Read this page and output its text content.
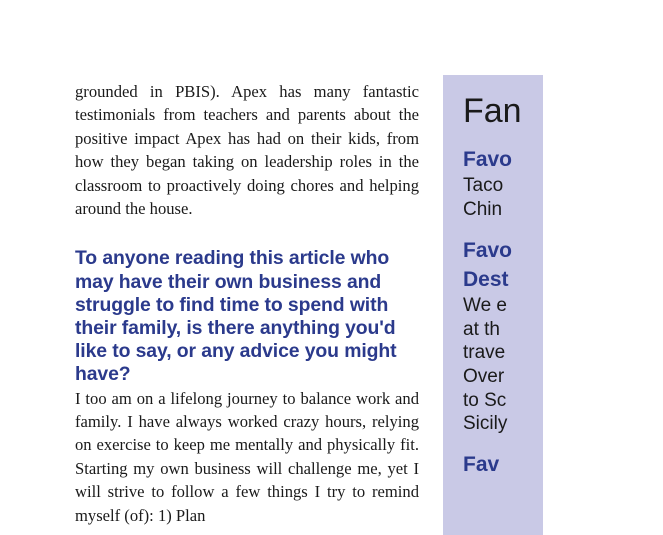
grounded in PBIS). Apex has many fantastic testimonials from teachers and parents about the positive impact Apex has had on their kids, from how they began taking on leadership roles in the classroom to proactively doing chores and helping around the house.

To anyone reading this article who may have their own business and struggle to find time to spend with their family, is there anything you'd like to say, or any advice you might have?

I too am on a lifelong journey to balance work and family. I have always worked crazy hours, relying on exercise to keep me mentally and physically fit. Starting my own business will challenge me, yet I will strive to follow a few things I try to remind myself (of): 1) Plan

Fan
Favo
Taco
Chin
Favo
Dest
We e
at th
trave
Over
to Sc
Sicily
Fav
